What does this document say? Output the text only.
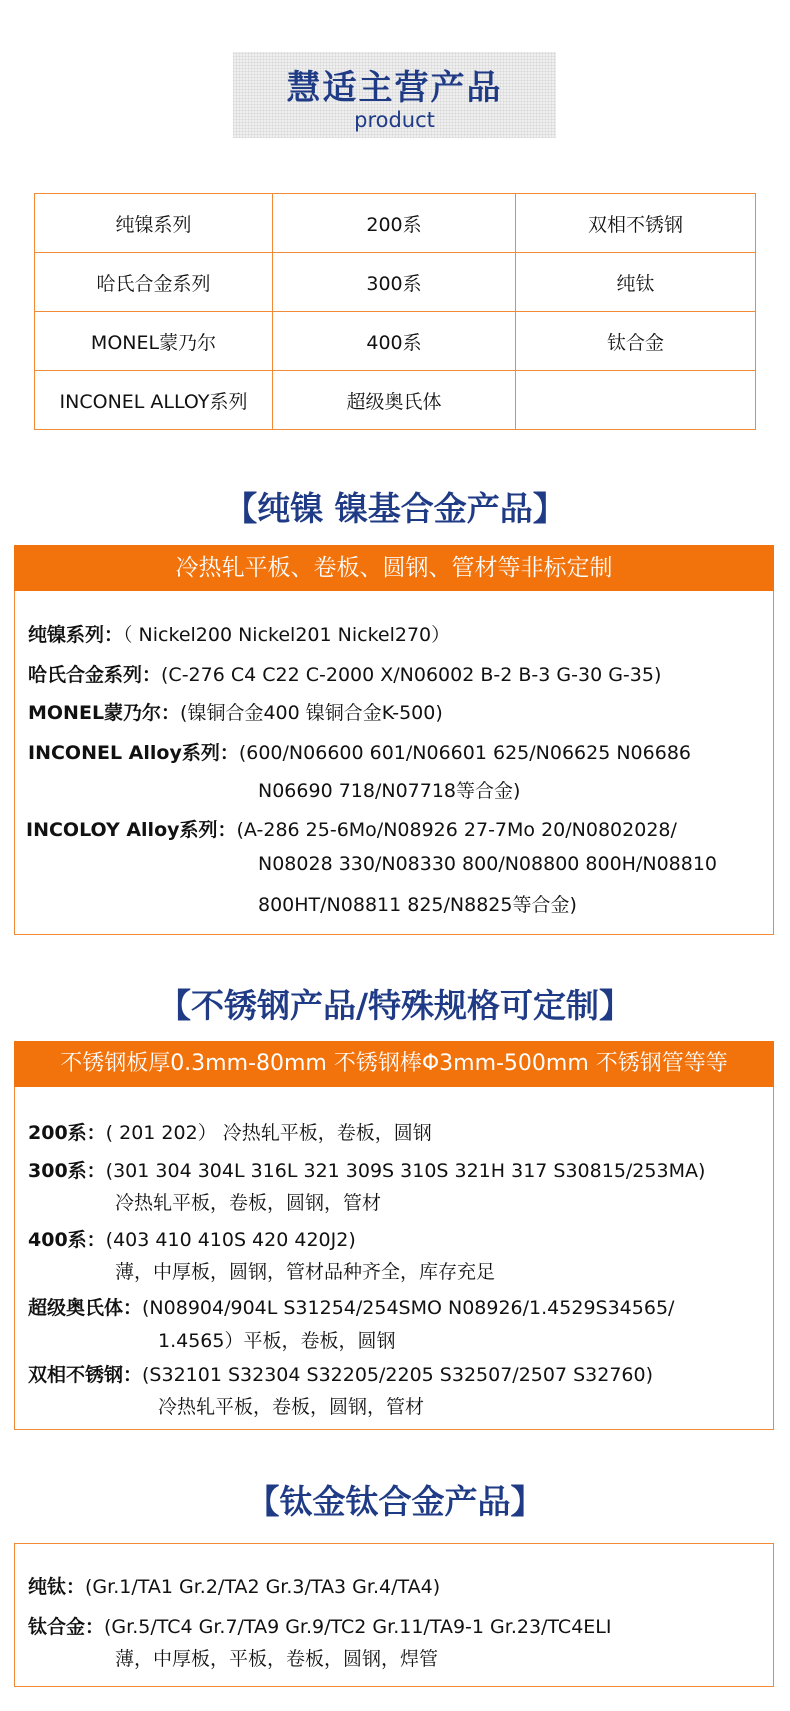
慧适主营产品
product
纯镍系列	200系	双相不锈钢
哈氏合金系列	300系	纯钛
MONEL蒙乃尔	400系	钛合金
INCONEL ALLOY系列	超级奥氏体	
【纯镍 镍基合金产品】
冷热轧平板、卷板、圆钢、管材等非标定制
纯镍系列：（ Nickel200 Nickel201 Nickel270）
哈氏合金系列：(C-276 C4 C22 C-2000 X/N06002 B-2 B-3 G-30 G-35)
MONEL蒙乃尔：(镍铜合金400 镍铜合金K-500)
INCONEL Alloy系列：(600/N06600 601/N06601 625/N06625 N06686
N06690 718/N07718等合金)
INCOLOY Alloy系列：(A-286 25-6Mo/N08926 27-7Mo 20/N0802028/
N08028 330/N08330 800/N08800 800H/N08810
800HT/N08811 825/N8825等合金)
【不锈钢产品/特殊规格可定制】
不锈钢板厚0.3mm-80mm 不锈钢棒Φ3mm-500mm 不锈钢管等等
200系：( 201 202） 冷热轧平板，卷板，圆钢
300系：(301 304 304L 316L 321 309S 310S 321H 317 S30815/253MA)
冷热轧平板，卷板，圆钢，管材
400系：(403 410 410S 420 420J2)
薄，中厚板，圆钢，管材品种齐全，库存充足
超级奥氏体：(N08904/904L S31254/254SMO N08926/1.4529S34565/
1.4565）平板，卷板，圆钢
双相不锈钢：(S32101 S32304 S32205/2205 S32507/2507 S32760)
冷热轧平板，卷板，圆钢，管材
【钛金钛合金产品】
纯钛：(Gr.1/TA1 Gr.2/TA2 Gr.3/TA3 Gr.4/TA4)
钛合金：(Gr.5/TC4 Gr.7/TA9 Gr.9/TC2 Gr.11/TA9-1 Gr.23/TC4ELI
薄，中厚板，平板，卷板，圆钢，焊管
